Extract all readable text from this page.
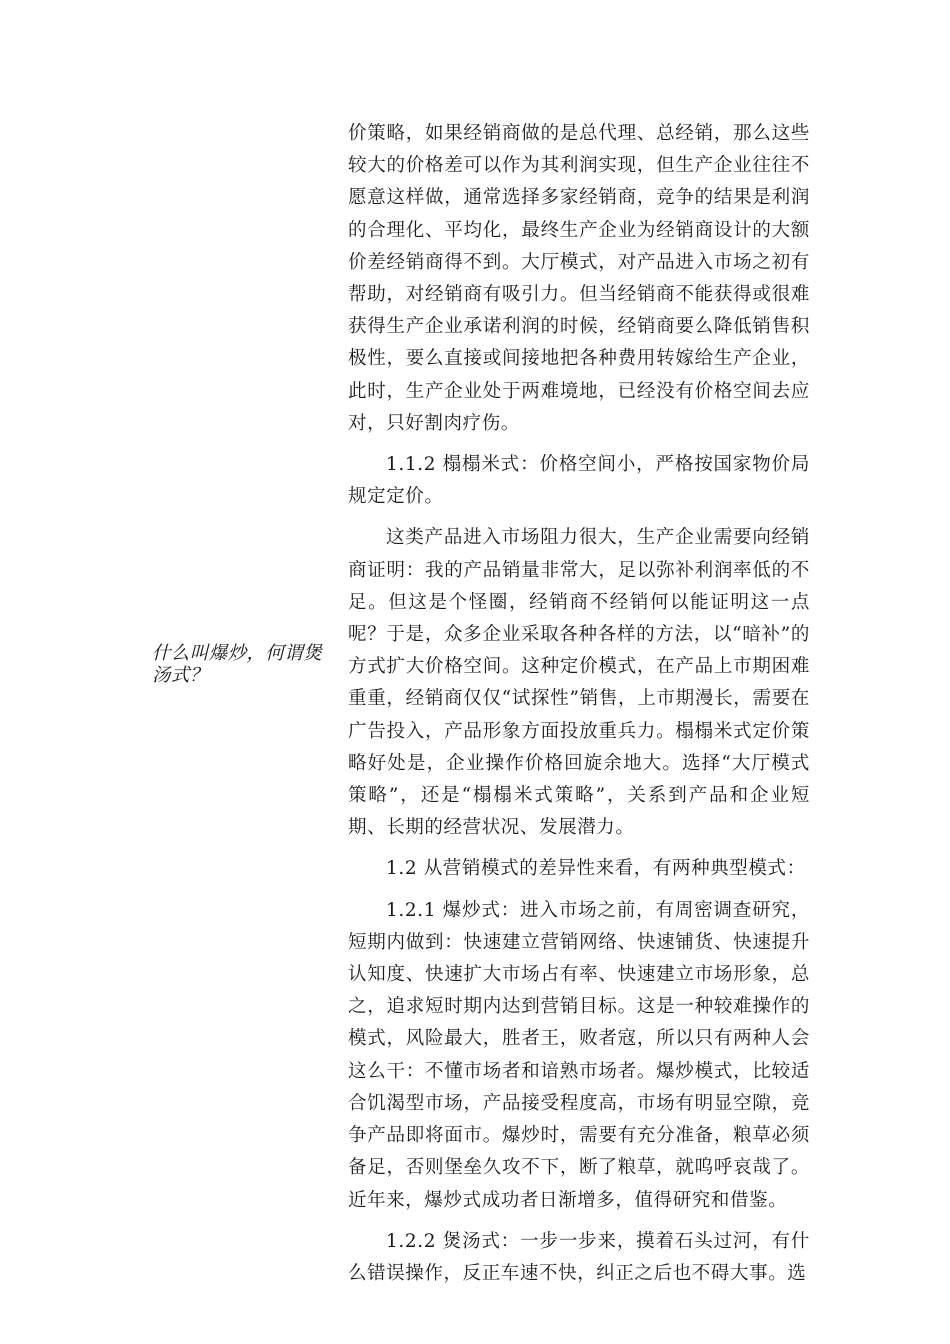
什么叫爆炒，何谓煲汤式？

价策略，如果经销商做的是总代理、总经销，那么这些较大的价格差可以作为其利润实现，但生产企业往往不愿意这样做，通常选择多家经销商，竞争的结果是利润的合理化、平均化，最终生产企业为经销商设计的大额价差经销商得不到。大厅模式，对产品进入市场之初有帮助，对经销商有吸引力。但当经销商不能获得或很难获得生产企业承诺利润的时候，经销商要么降低销售积极性，要么直接或间接地把各种费用转嫁给生产企业，此时，生产企业处于两难境地，已经没有价格空间去应对，只好割肉疗伤。

1.1.2 榻榻米式：价格空间小，严格按国家物价局规定定价。

这类产品进入市场阻力很大，生产企业需要向经销商证明：我的产品销量非常大，足以弥补利润率低的不足。但这是个怪圈，经销商不经销何以能证明这一点呢？于是，众多企业采取各种各样的方法，以“暗补”的方式扩大价格空间。这种定价模式，在产品上市期困难重重，经销商仅仅“试探性”销售，上市期漫长，需要在广告投入，产品形象方面投放重兵力。榻榻米式定价策略好处是，企业操作价格回旋余地大。选择“大厅模式策略”，还是“榻榻米式策略”，关系到产品和企业短期、长期的经营状况、发展潜力。

1.2 从营销模式的差异性来看，有两种典型模式：

1.2.1 爆炒式：进入市场之前，有周密调查研究，短期内做到：快速建立营销网络、快速铺货、快速提升认知度、快速扩大市场占有率、快速建立市场形象，总之，追求短时期内达到营销目标。这是一种较难操作的模式，风险最大，胜者王，败者寇，所以只有两种人会这么干：不懂市场者和谙熟市场者。爆炒模式，比较适合饥渴型市场，产品接受程度高，市场有明显空隙，竞争产品即将面市。爆炒时，需要有充分准备，粮草必须备足，否则堡垒久攻不下，断了粮草，就呜呼哀哉了。近年来，爆炒式成功者日渐增多，值得研究和借鉴。

1.2.2 煲汤式：一步一步来，摸着石头过河，有什么错误操作，反正车速不快，纠正之后也不碍大事。选
